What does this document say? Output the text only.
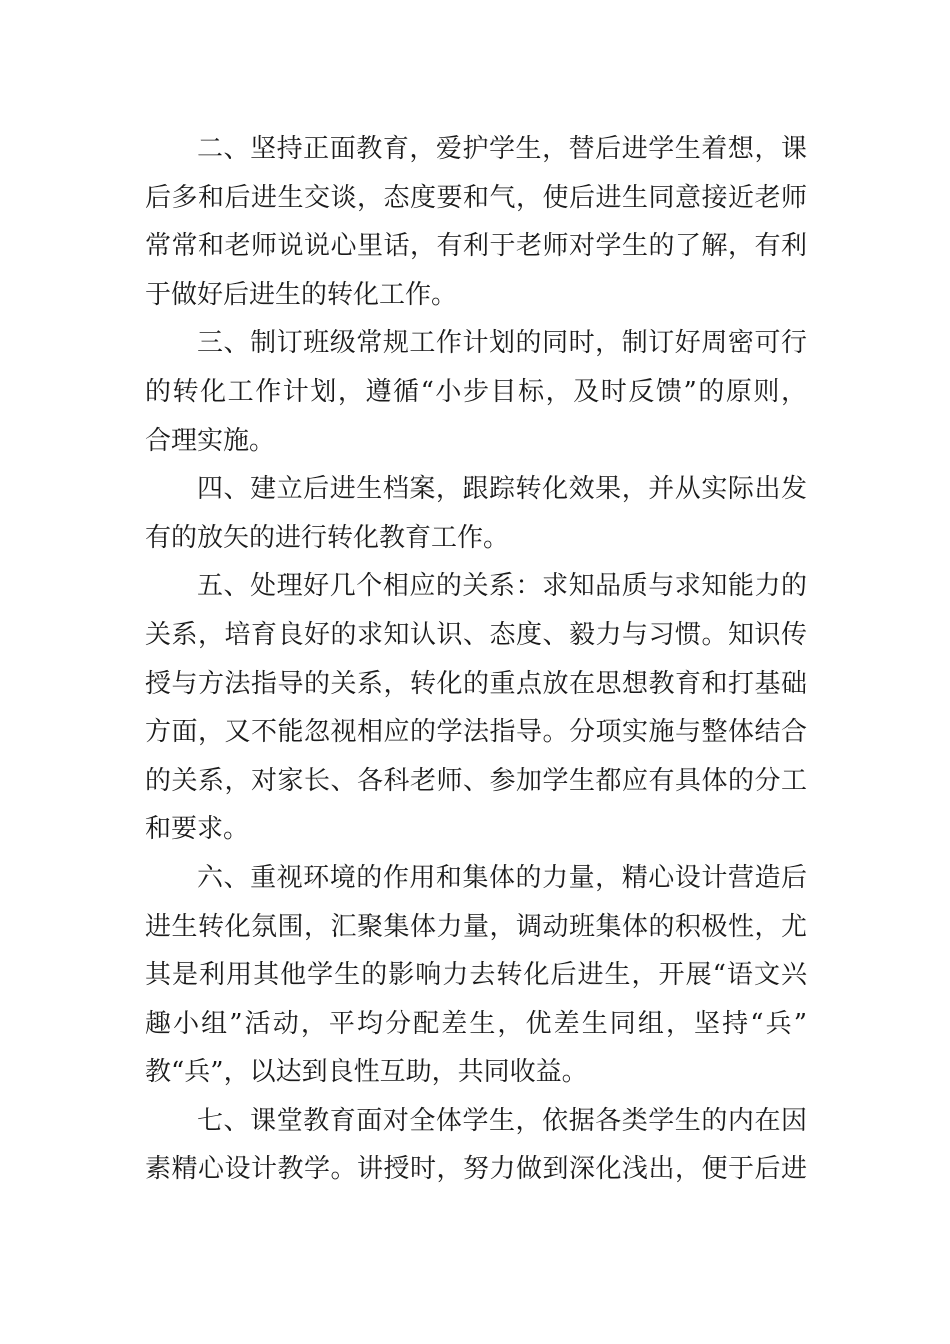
二、坚持正面教育，爱护学生，替后进学生着想，课
后多和后进生交谈，态度要和气，使后进生同意接近老师
常常和老师说说心里话，有利于老师对学生的了解，有利
于做好后进生的转化工作。
三、制订班级常规工作计划的同时，制订好周密可行
的转化工作计划，遵循“小步目标，及时反馈”的原则，
合理实施。
四、建立后进生档案，跟踪转化效果，并从实际出发
有的放矢的进行转化教育工作。
五、处理好几个相应的关系：求知品质与求知能力的
关系，培育良好的求知认识、态度、毅力与习惯。知识传
授与方法指导的关系，转化的重点放在思想教育和打基础
方面，又不能忽视相应的学法指导。分项实施与整体结合
的关系，对家长、各科老师、参加学生都应有具体的分工
和要求。
六、重视环境的作用和集体的力量，精心设计营造后
进生转化氛围，汇聚集体力量，调动班集体的积极性，尤
其是利用其他学生的影响力去转化后进生，开展“语文兴
趣小组”活动，平均分配差生，优差生同组，坚持“兵”
教“兵”，以达到良性互助，共同收益。
七、课堂教育面对全体学生，依据各类学生的内在因
素精心设计教学。讲授时，努力做到深化浅出，便于后进
